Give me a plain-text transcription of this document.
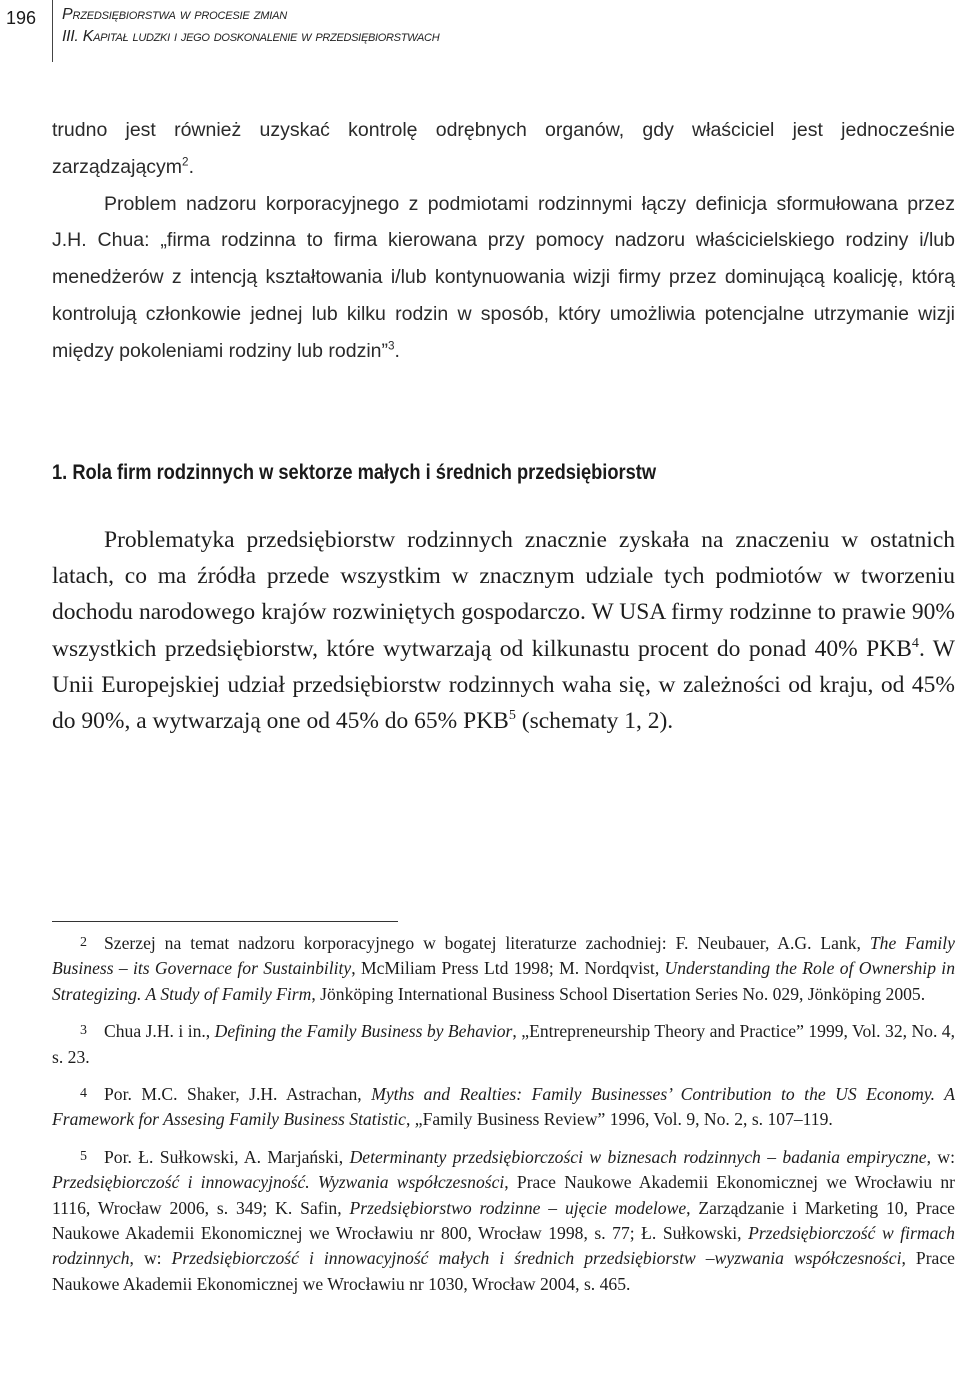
196 Przedsiębiorstwa w procesie zmian
III. Kapitał ludzki i jego doskonalenie w przedsiębiorstwach

trudno jest również uzyskać kontrolę odrębnych organów, gdy właściciel jest jednocześnie zarządzającym$^2$.

Problem nadzoru korporacyjnego z podmiotami rodzinnymi łączy definicja sformułowana przez J.H. Chua: „firma rodzinna to firma kierowana przy pomocy nadzoru właścicielskiego rodziny i/lub menedżerów z intencją kształtowania i/lub kontynuowania wizji firmy przez dominującą koalicję, którą kontrolują członkowie jednej lub kilku rodzin w sposób, który umożliwia potencjalne utrzymanie wizji między pokoleniami rodziny lub rodzin”$^3$.

1. Rola firm rodzinnych w sektorze małych i średnich przedsiębiorstw

Problematyka przedsiębiorstw rodzinnych znacznie zyskała na znaczeniu w ostatnich latach, co ma źródła przede wszystkim w znacznym udziale tych podmiotów w tworzeniu dochodu narodowego krajów rozwiniętych gospodarczo. W USA firmy rodzinne to prawie 90% wszystkich przedsiębiorstw, które wytwarzają od kilkunastu procent do ponad 40% PKB$^4$. W Unii Europejskiej udział przedsiębiorstw rodzinnych waha się, w zależności od kraju, od 45% do 90%, a wytwarzają one od 45% do 65% PKB$^5$ (schematy 1, 2).

2 Szerzej na temat nadzoru korporacyjnego w bogatej literaturze zachodniej: F. Neubauer, A.G. Lank, The Family Business – its Governace for Sustainbility, McMiliam Press Ltd 1998; M. Nordqvist, Understanding the Role of Ownership in Strategizing. A Study of Family Firm, Jönköping International Business School Disertation Series No. 029, Jönköping 2005.

3 Chua J.H. i in., Defining the Family Business by Behavior, „Entrepreneurship Theory and Practice” 1999, Vol. 32, No. 4, s. 23.

4 Por. M.C. Shaker, J.H. Astrachan, Myths and Realties: Family Businesses’ Contribution to the US Economy. A Framework for Assesing Family Business Statistic, „Family Business Review” 1996, Vol. 9, No. 2, s. 107–119.

5 Por. Ł. Sułkowski, A. Marjański, Determinanty przedsiębiorczości w biznesach rodzinnych – badania empiryczne, w: Przedsiębiorczość i innowacyjność. Wyzwania współczesności, Prace Naukowe Akademii Ekonomicznej we Wrocławiu nr 1116, Wrocław 2006, s. 349; K. Safin, Przedsiębiorstwo rodzinne – ujęcie modelowe, Zarządzanie i Marketing 10, Prace Naukowe Akademii Ekonomicznej we Wrocławiu nr 800, Wrocław 1998, s. 77; Ł. Sułkowski, Przedsiębiorczość w firmach rodzinnych, w: Przedsiębiorczość i innowacyjność małych i średnich przedsiębiorstw –wyzwania współczesności, Prace Naukowe Akademii Ekonomicznej we Wrocławiu nr 1030, Wrocław 2004, s. 465.
